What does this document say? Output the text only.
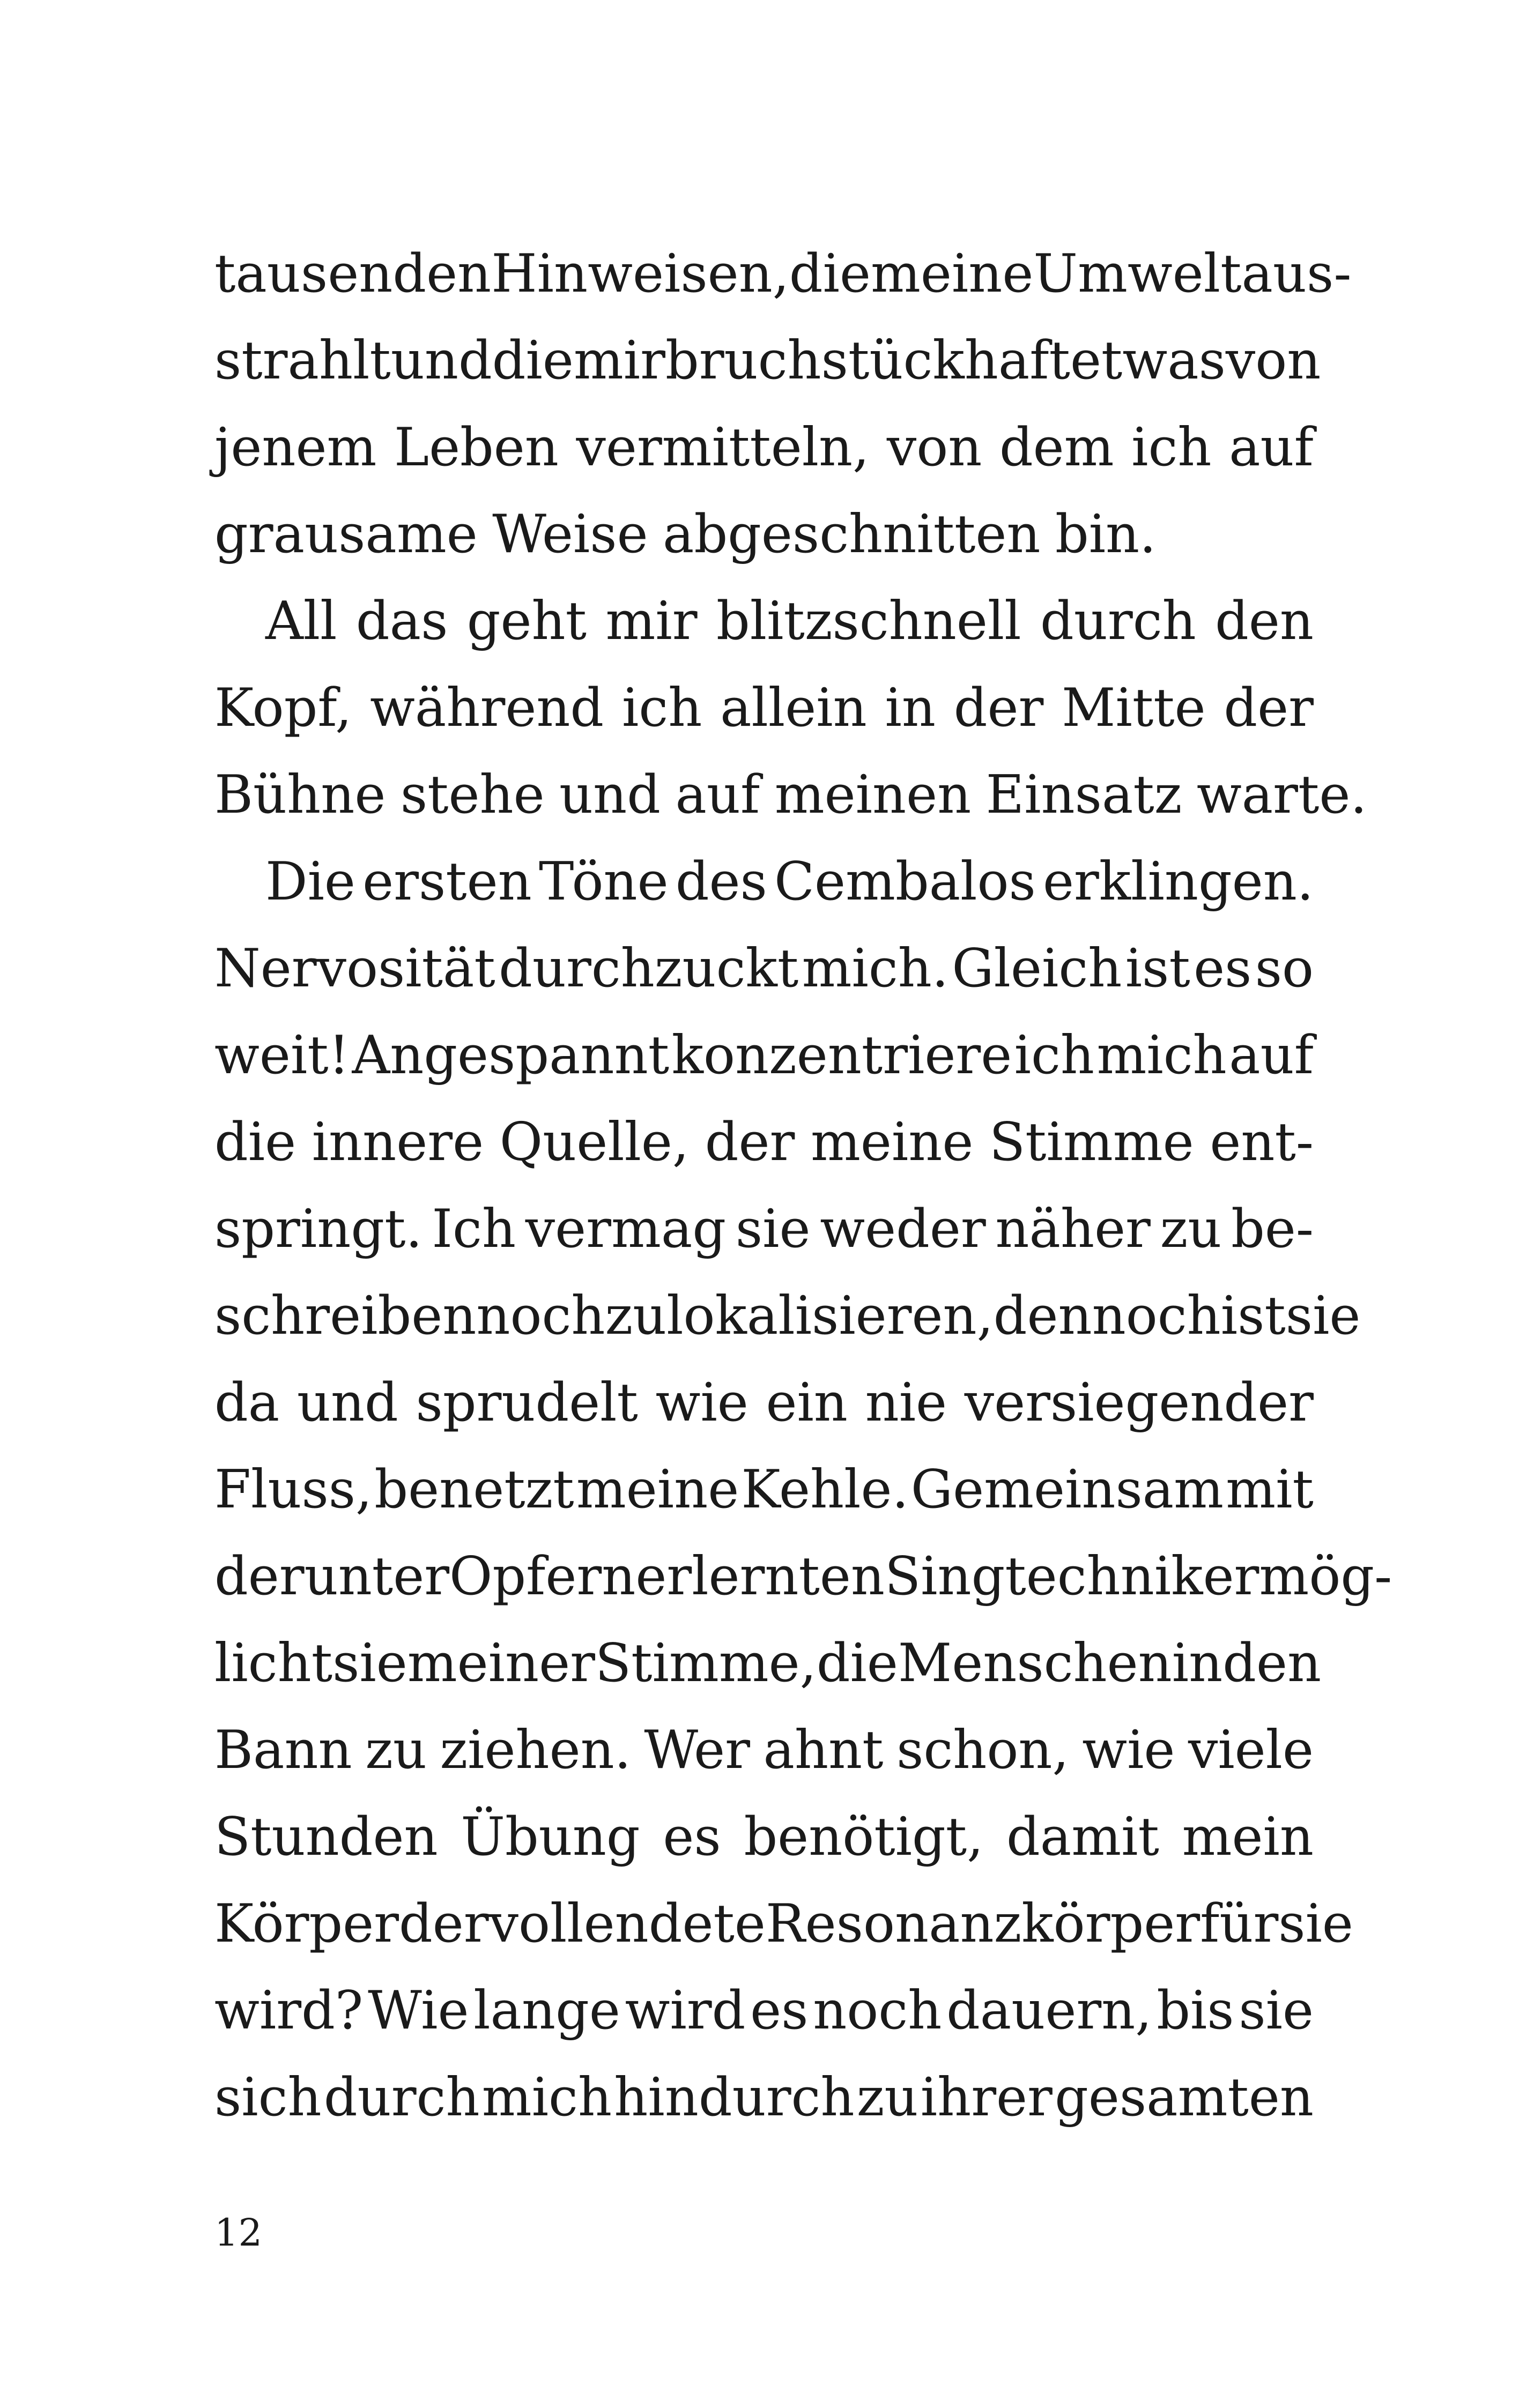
tausenden Hinweisen, die meine Umwelt aus-
strahlt und die mir bruchstückhaft etwas von
jenem Leben vermitteln, von dem ich auf
grausame Weise abgeschnitten bin.
All das geht mir blitzschnell durch den
Kopf, während ich allein in der Mitte der
Bühne stehe und auf meinen Einsatz warte.
Die ersten Töne des Cembalos erklingen.
Nervosität durchzuckt mich. Gleich ist es so
weit! Angespannt konzentriere ich mich auf
die innere Quelle, der meine Stimme ent-
springt. Ich vermag sie weder näher zu be-
schreiben noch zu lokalisieren, dennoch ist sie
da und sprudelt wie ein nie versiegender
Fluss, benetzt meine Kehle. Gemeinsam mit
der unter Opfern erlernten Singtechnik ermög-
licht sie meiner Stimme, die Menschen in den
Bann zu ziehen. Wer ahnt schon, wie viele
Stunden Übung es benötigt, damit mein
Körper der vollendete Resonanzkörper für sie
wird? Wie lange wird es noch dauern, bis sie
sich durch mich hindurch zu ihrer gesamten
12
